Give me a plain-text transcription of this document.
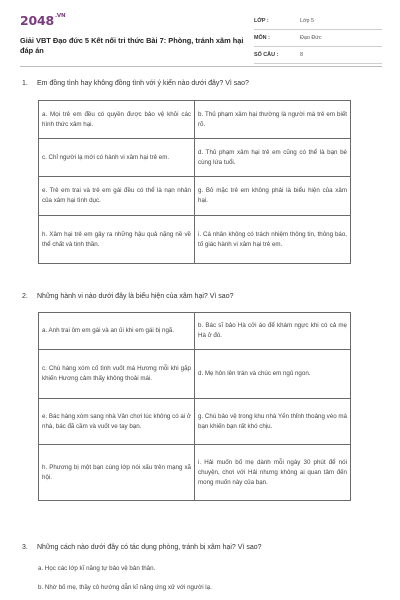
$2048^{.VN}$
Giải VBT Đạo đức 5 Kết nối tri thức Bài 7: Phòng, tránh xâm hại đáp án
LỚP :	Lớp 5
MÔN :	Đạo Đức
SỐ CÂU :	8
1. Em đồng tình hay không đồng tình với ý kiến nào dưới đây? Vì sao?
a. Mọi trẻ em đều có quyền được bảo vệ khỏi các hình thức xâm hại.	b. Thủ phạm xâm hại thường là người mà trẻ em biết rõ.
c. Chỉ người lạ mới có hành vi xâm hại trẻ em.	d. Thủ phạm xâm hại trẻ em cũng có thể là bạn bè cùng lứa tuổi.
e. Trẻ em trai và trẻ em gái đều có thể là nạn nhân của xâm hại tình dục.	g. Bỏ mặc trẻ em không phải là biểu hiện của xâm hại.
h. Xâm hại trẻ em gây ra những hậu quả nặng nề về thể chất và tinh thần.	i. Cá nhân không có trách nhiệm thông tin, thông báo, tố giác hành vi xâm hại trẻ em.
2. Những hành vi nào dưới đây là biểu hiện của xâm hại? Vì sao?
a. Anh trai ôm em gái và an ủi khi em gái bị ngã.	b. Bác sĩ bảo Hà cởi áo để khám ngực khi có cả mẹ Hà ở đó.
c. Chú hàng xóm cố tình vuốt má Hương mỗi khi gặp khiến Hương cảm thấy không thoải mái.	d. Mẹ hôn lên trán và chúc em ngủ ngon.
e. Bác hàng xóm sang nhà Vân chơi lúc không có ai ở nhà, bác đã cầm và vuốt ve tay bạn.	g. Chú bảo vệ trong khu nhà Yến thỉnh thoảng véo má bạn khiến bạn rất khó chịu.
h. Phương bị một bạn cùng lớp nói xấu trên mạng xã hội.	i. Hải muốn bố mẹ dành mỗi ngày 30 phút để nói chuyện, chơi với Hải nhưng không ai quan tâm đến mong muốn này của bạn.
3. Những cách nào dưới đây có tác dụng phòng, tránh bị xâm hại? Vì sao?
a. Học các lớp kĩ năng tự bảo vệ bản thân.
b. Nhờ bố mẹ, thầy cô hướng dẫn kĩ năng ứng xử với người lạ.
